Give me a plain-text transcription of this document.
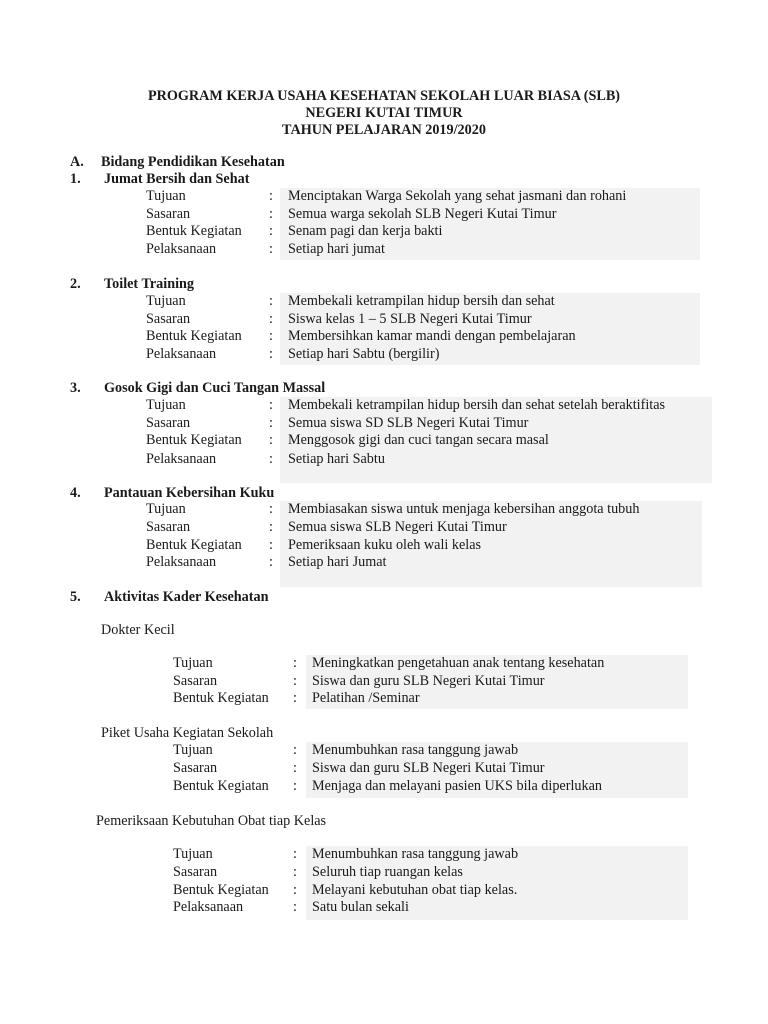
PROGRAM KERJA USAHA KESEHATAN SEKOLAH LUAR BIASA (SLB)
NEGERI KUTAI TIMUR
TAHUN PELAJARAN 2019/2020
A. Bidang Pendidikan Kesehatan
1. Jumat Bersih dan Sehat
Tujuan	: Menciptakan Warga Sekolah yang sehat jasmani dan rohani
Sasaran	: Semua warga sekolah SLB Negeri Kutai Timur
Bentuk Kegiatan : Senam pagi dan kerja bakti
Pelaksanaan	: Setiap hari jumat
2. Toilet Training
Tujuan	: Membekali ketrampilan hidup bersih dan sehat
Sasaran	: Siswa kelas 1 – 5 SLB Negeri Kutai Timur
Bentuk Kegiatan : Membersihkan kamar mandi dengan pembelajaran
Pelaksanaan	: Setiap hari Sabtu (bergilir)
3. Gosok Gigi dan Cuci Tangan Massal
Tujuan	: Membekali ketrampilan hidup bersih dan sehat setelah beraktifitas
Sasaran	: Semua siswa SD SLB Negeri Kutai Timur
Bentuk Kegiatan : Menggosok gigi dan cuci tangan secara masal
Pelaksanaan	: Setiap hari Sabtu
4. Pantauan Kebersihan Kuku
Tujuan	: Membiasakan siswa untuk menjaga kebersihan anggota tubuh
Sasaran	: Semua siswa SLB Negeri Kutai Timur
Bentuk Kegiatan : Pemeriksaan kuku oleh wali kelas
Pelaksanaan	: Setiap hari Jumat
5. Aktivitas Kader Kesehatan
Dokter Kecil
Tujuan	: Meningkatkan pengetahuan anak tentang kesehatan
Sasaran	: Siswa dan guru SLB Negeri Kutai Timur
Bentuk Kegiatan : Pelatihan /Seminar
Piket Usaha Kegiatan Sekolah
Tujuan	: Menumbuhkan rasa tanggung jawab
Sasaran	: Siswa dan guru SLB Negeri Kutai Timur
Bentuk Kegiatan : Menjaga dan melayani pasien UKS bila diperlukan
Pemeriksaan Kebutuhan Obat tiap Kelas
Tujuan	: Menumbuhkan rasa tanggung jawab
Sasaran	: Seluruh tiap ruangan kelas
Bentuk Kegiatan : Melayani kebutuhan obat tiap kelas.
Pelaksanaan	: Satu bulan sekali
